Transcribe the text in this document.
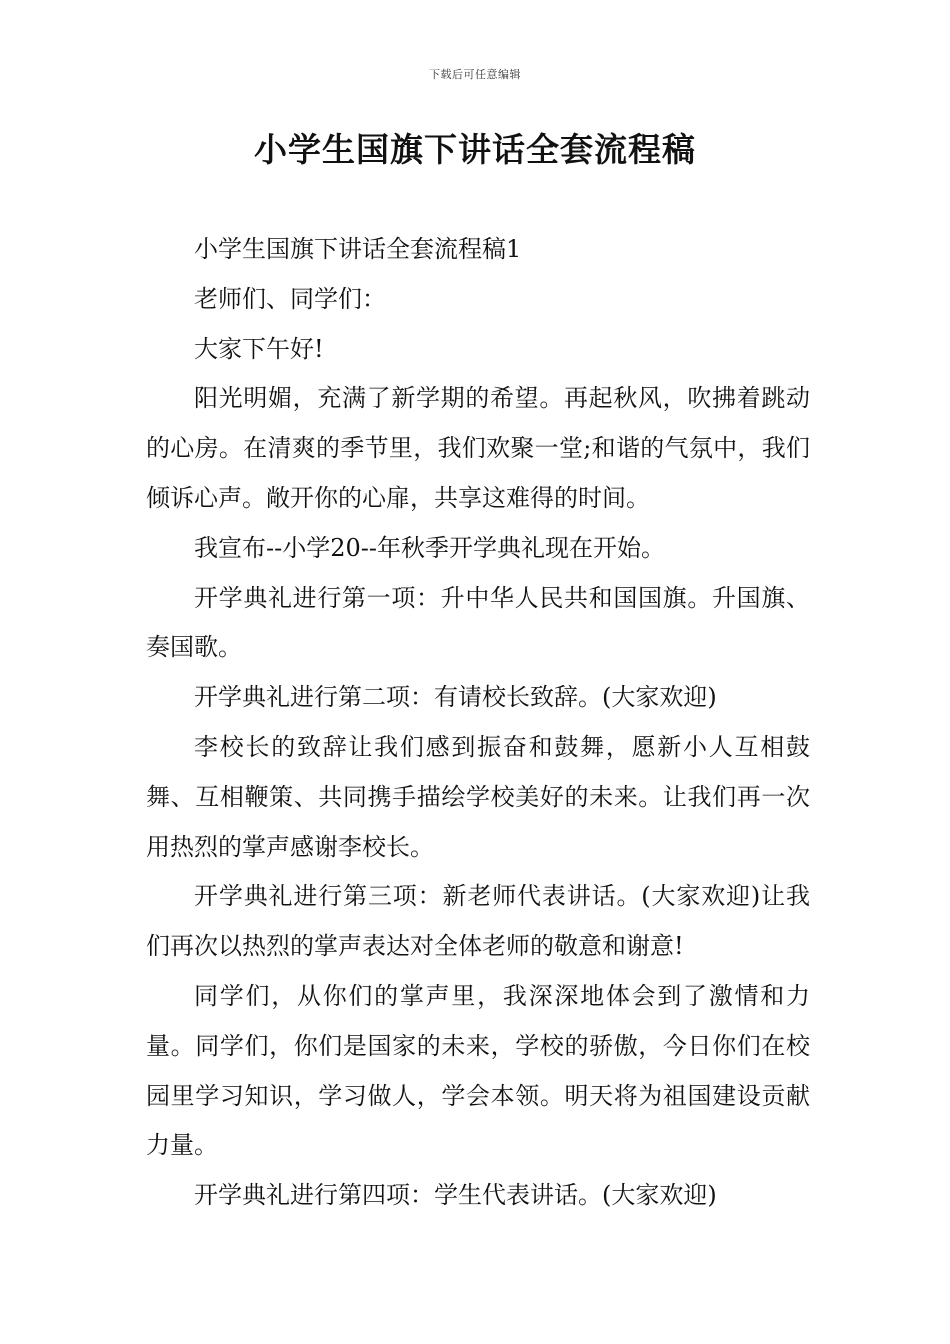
下载后可任意编辑
小学生国旗下讲话全套流程稿

小学生国旗下讲话全套流程稿1

老师们、同学们：

大家下午好!

阳光明媚，充满了新学期的希望。再起秋风，吹拂着跳动的心房。在清爽的季节里，我们欢聚一堂;和谐的气氛中，我们倾诉心声。敞开你的心扉，共享这难得的时间。

我宣布--小学20--年秋季开学典礼现在开始。

开学典礼进行第一项：升中华人民共和国国旗。升国旗、奏国歌。

开学典礼进行第二项：有请校长致辞。(大家欢迎)

李校长的致辞让我们感到振奋和鼓舞，愿新小人互相鼓舞、互相鞭策、共同携手描绘学校美好的未来。让我们再一次用热烈的掌声感谢李校长。

开学典礼进行第三项：新老师代表讲话。(大家欢迎)让我们再次以热烈的掌声表达对全体老师的敬意和谢意!

同学们，从你们的掌声里，我深深地体会到了激情和力量。同学们，你们是国家的未来，学校的骄傲，今日你们在校园里学习知识，学习做人，学会本领。明天将为祖国建设贡献力量。

开学典礼进行第四项：学生代表讲话。(大家欢迎)
